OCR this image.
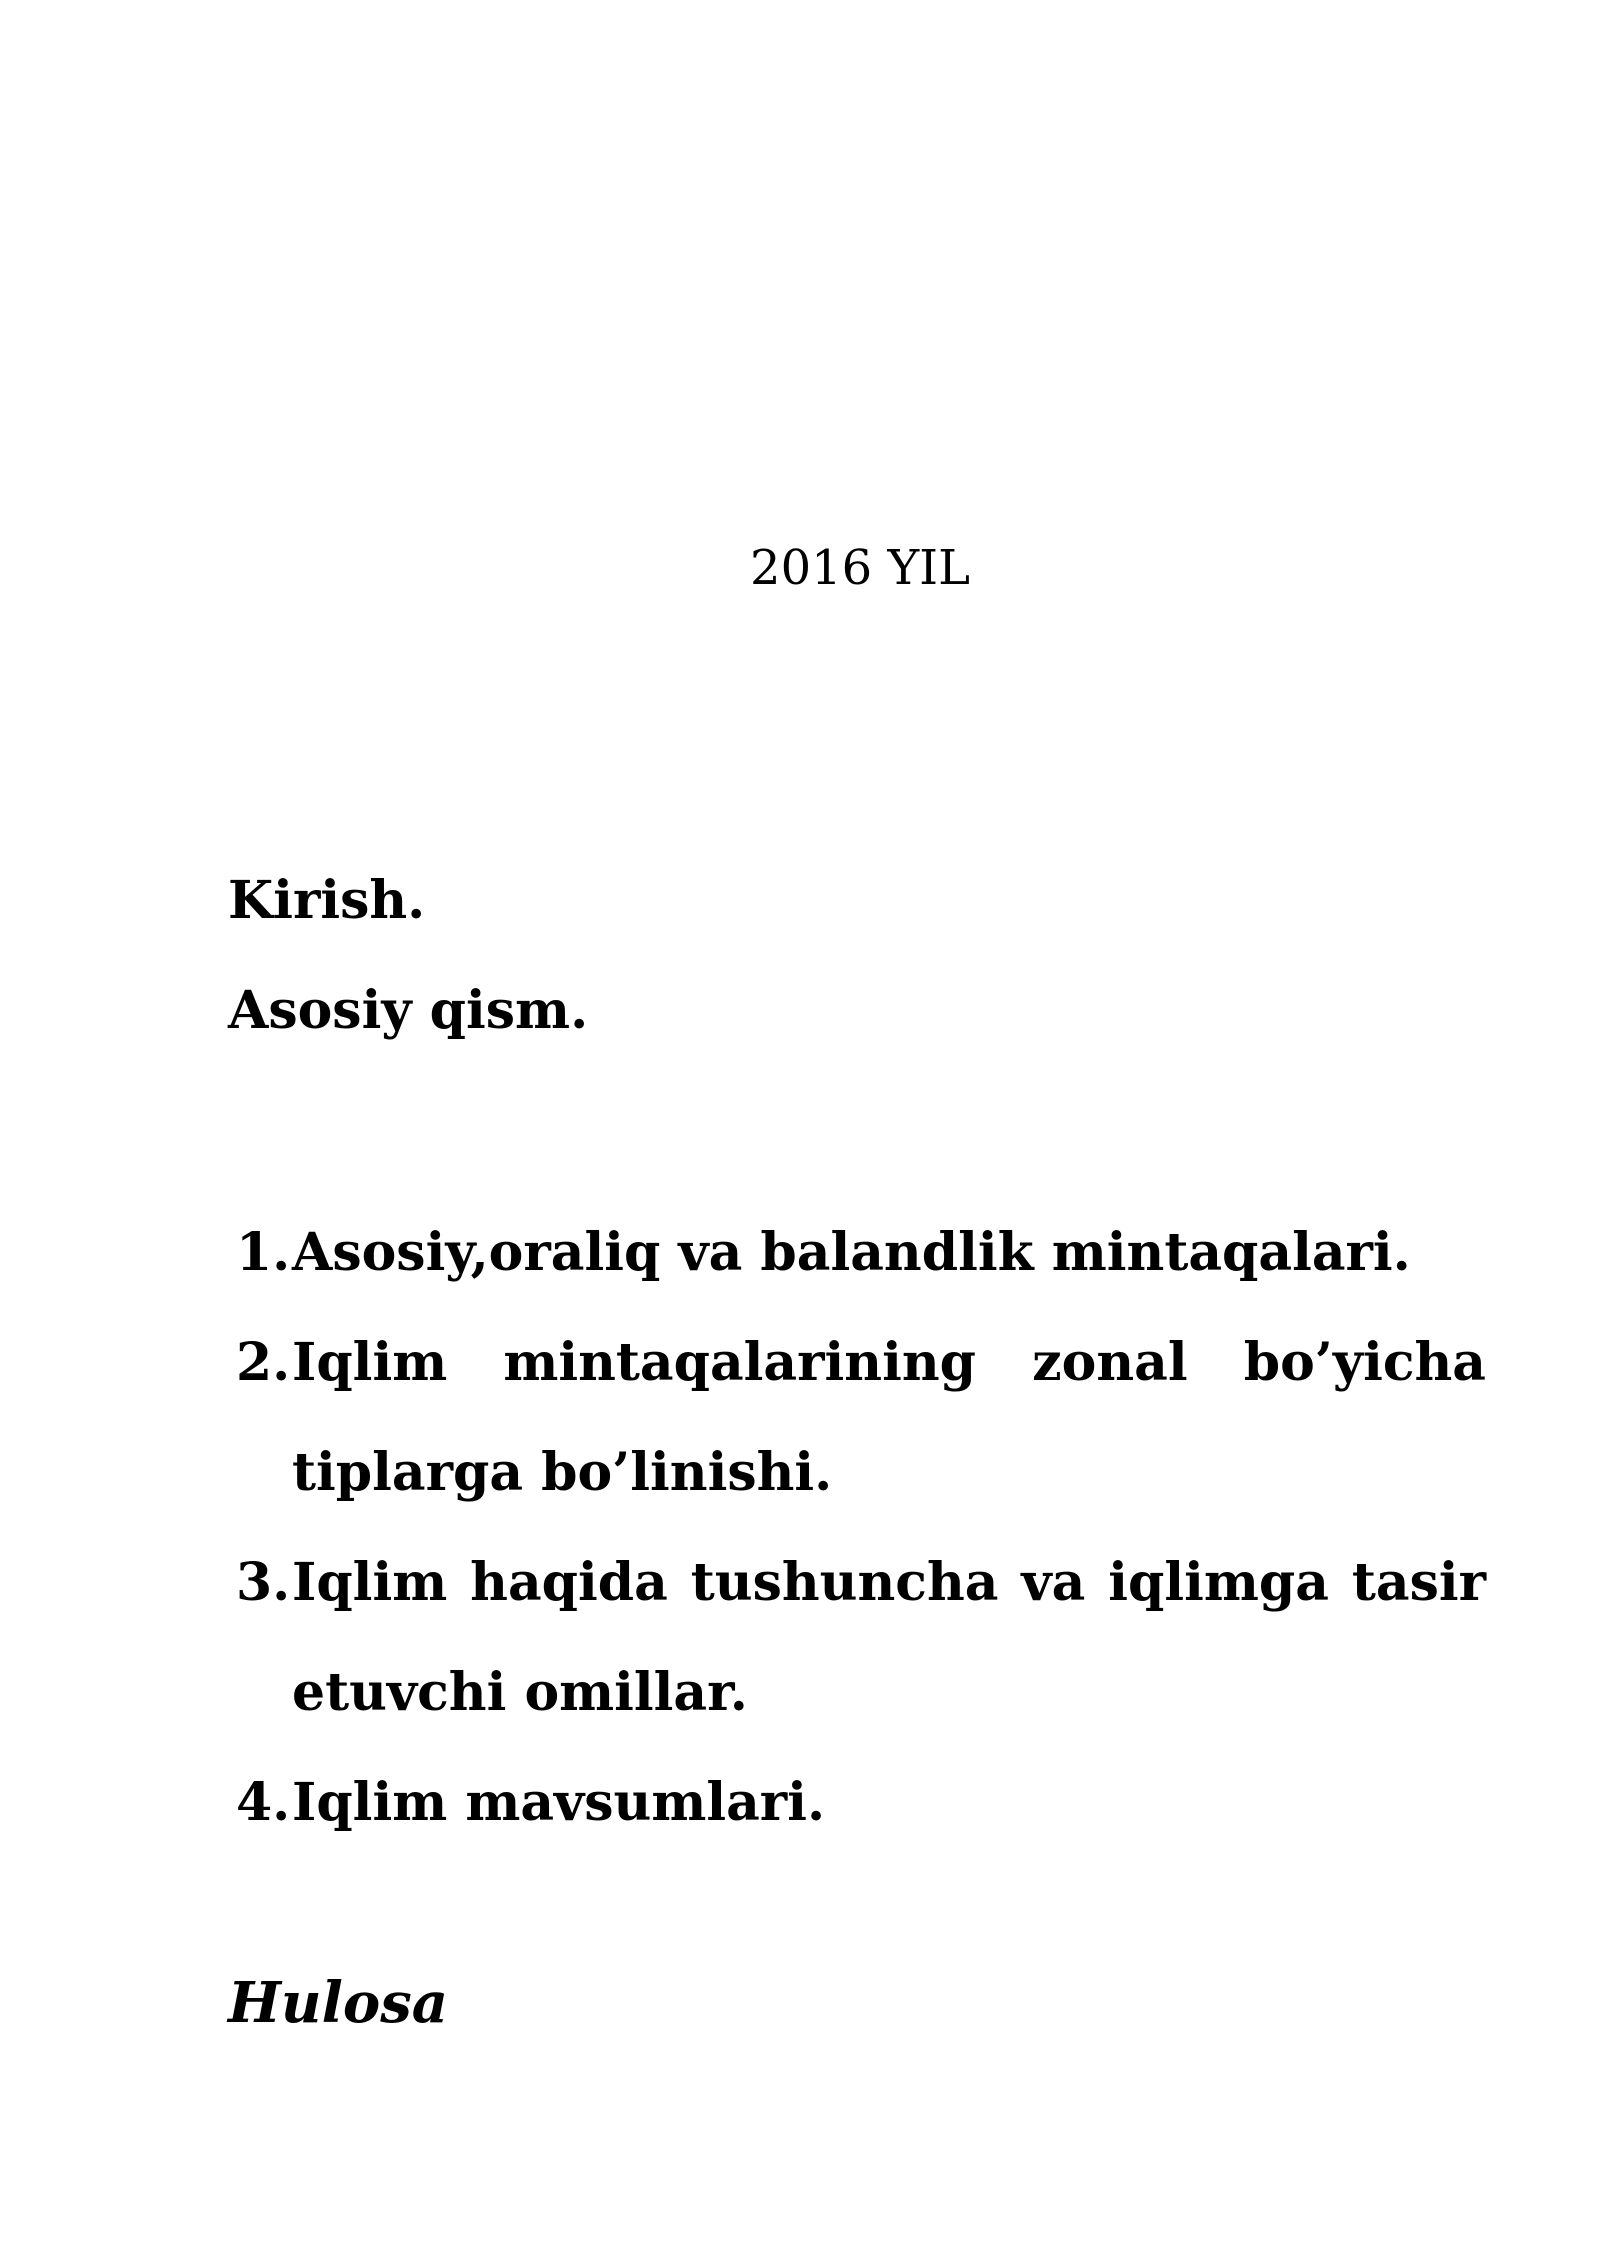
2016 YIL

Kirish.

Asosiy qism.

1. Asosiy,oraliq va balandlik mintaqalari.
2. Iqlim mintaqalarining zonal bo’yicha tiplarga bo’linishi.
3. Iqlim haqida tushuncha va iqlimga tasir etuvchi omillar.
4. Iqlim mavsumlari.

Hulosa
